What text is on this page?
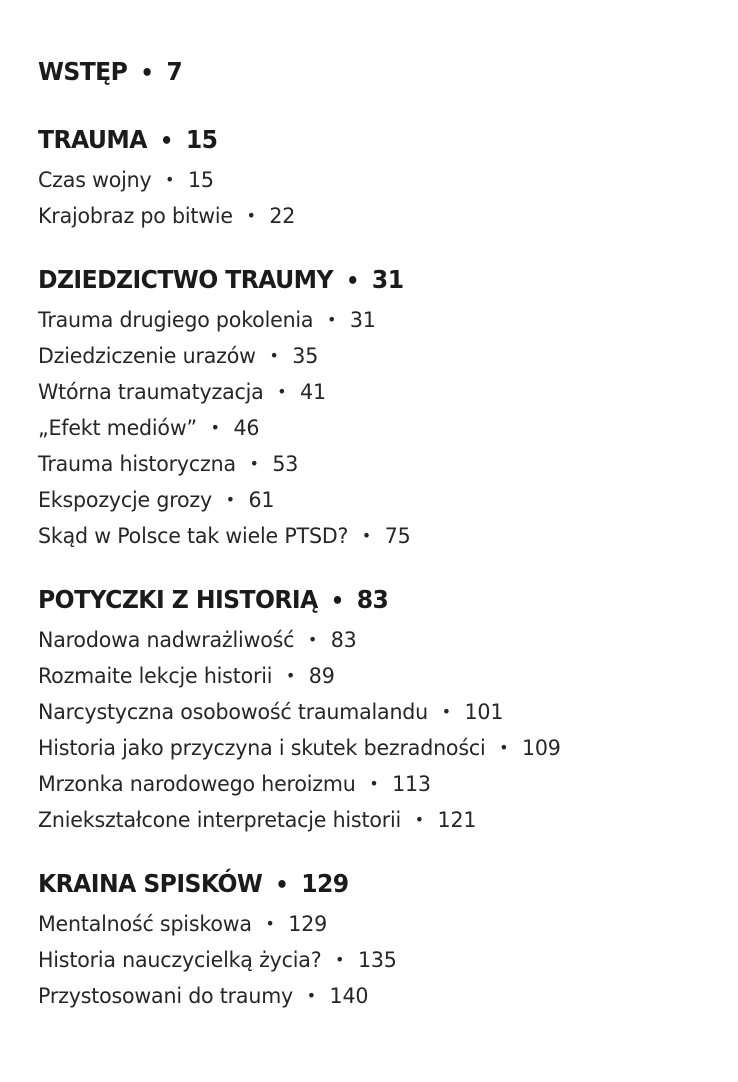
WSTĘP • 7
TRAUMA • 15
Czas wojny • 15
Krajobraz po bitwie • 22
DZIEDZICTWO TRAUMY • 31
Trauma drugiego pokolenia • 31
Dziedziczenie urazów • 35
Wtórna traumatyzacja • 41
„Efekt mediów” • 46
Trauma historyczna • 53
Ekspozycje grozy • 61
Skąd w Polsce tak wiele PTSD? • 75
POTYCZKI Z HISTORIĄ • 83
Narodowa nadwrażliwość • 83
Rozmaite lekcje historii • 89
Narcystyczna osobowość traumalandu • 101
Historia jako przyczyna i skutek bezradności • 109
Mrzonka narodowego heroizmu • 113
Zniekształcone interpretacje historii • 121
KRAINA SPISKÓW • 129
Mentalność spiskowa • 129
Historia nauczycielką życia? • 135
Przystosowani do traumy • 140
